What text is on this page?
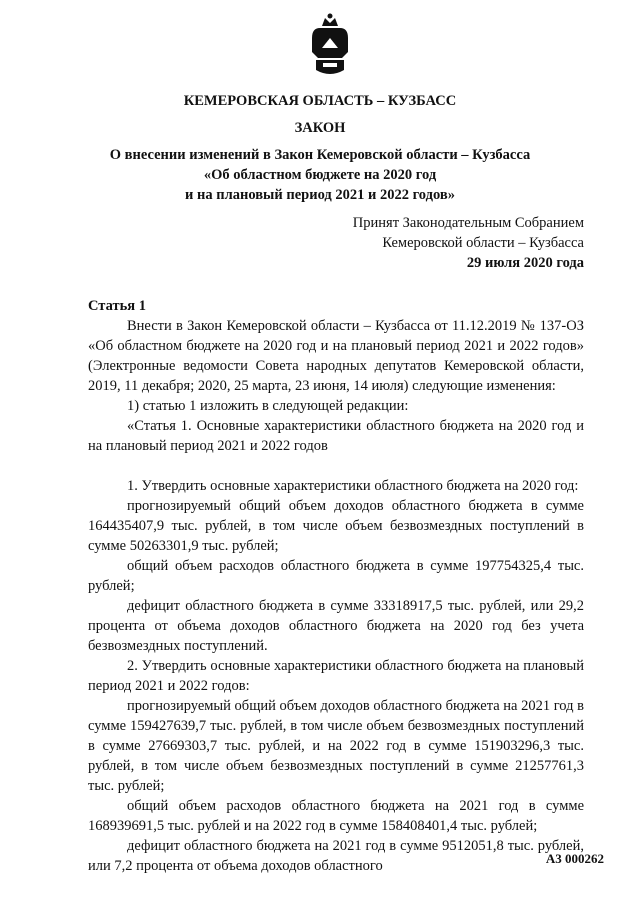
КЕМЕРОВСКАЯ ОБЛАСТЬ – КУЗБАСС
ЗАКОН
О внесении изменений в Закон Кемеровской области – Кузбасса
«Об областном бюджете на 2020 год
и на плановый период 2021 и 2022 годов»
Принят Законодательным Собранием
Кемеровской области – Кузбасса
29 июля 2020 года

Статья 1

Внести в Закон Кемеровской области – Кузбасса от 11.12.2019 № 137-ОЗ «Об областном бюджете на 2020 год и на плановый период 2021 и 2022 годов» (Электронные ведомости Совета народных депутатов Кемеровской области, 2019, 11 декабря; 2020, 25 марта, 23 июня, 14 июля) следующие изменения:

1) статью 1 изложить в следующей редакции:

«Статья 1. Основные характеристики областного бюджета на 2020 год и на плановый период 2021 и 2022 годов

1. Утвердить основные характеристики областного бюджета на 2020 год:

прогнозируемый общий объем доходов областного бюджета в сумме 164435407,9 тыс. рублей, в том числе объем безвозмездных поступлений в сумме 50263301,9 тыс. рублей;

общий объем расходов областного бюджета в сумме 197754325,4 тыс. рублей;

дефицит областного бюджета в сумме 33318917,5 тыс. рублей, или 29,2 процента от объема доходов областного бюджета на 2020 год без учета безвозмездных поступлений.

2. Утвердить основные характеристики областного бюджета на плановый период 2021 и 2022 годов:

прогнозируемый общий объем доходов областного бюджета на 2021 год в сумме 159427639,7 тыс. рублей, в том числе объем безвозмездных поступлений в сумме 27669303,7 тыс. рублей, и на 2022 год в сумме 151903296,3 тыс. рублей, в том числе объем безвозмездных поступлений в сумме 21257761,3 тыс. рублей;

общий объем расходов областного бюджета на 2021 год в сумме 168939691,5 тыс. рублей и на 2022 год в сумме 158408401,4 тыс. рублей;

дефицит областного бюджета на 2021 год в сумме 9512051,8 тыс. рублей, или 7,2 процента от объема доходов областного	А3 000262
